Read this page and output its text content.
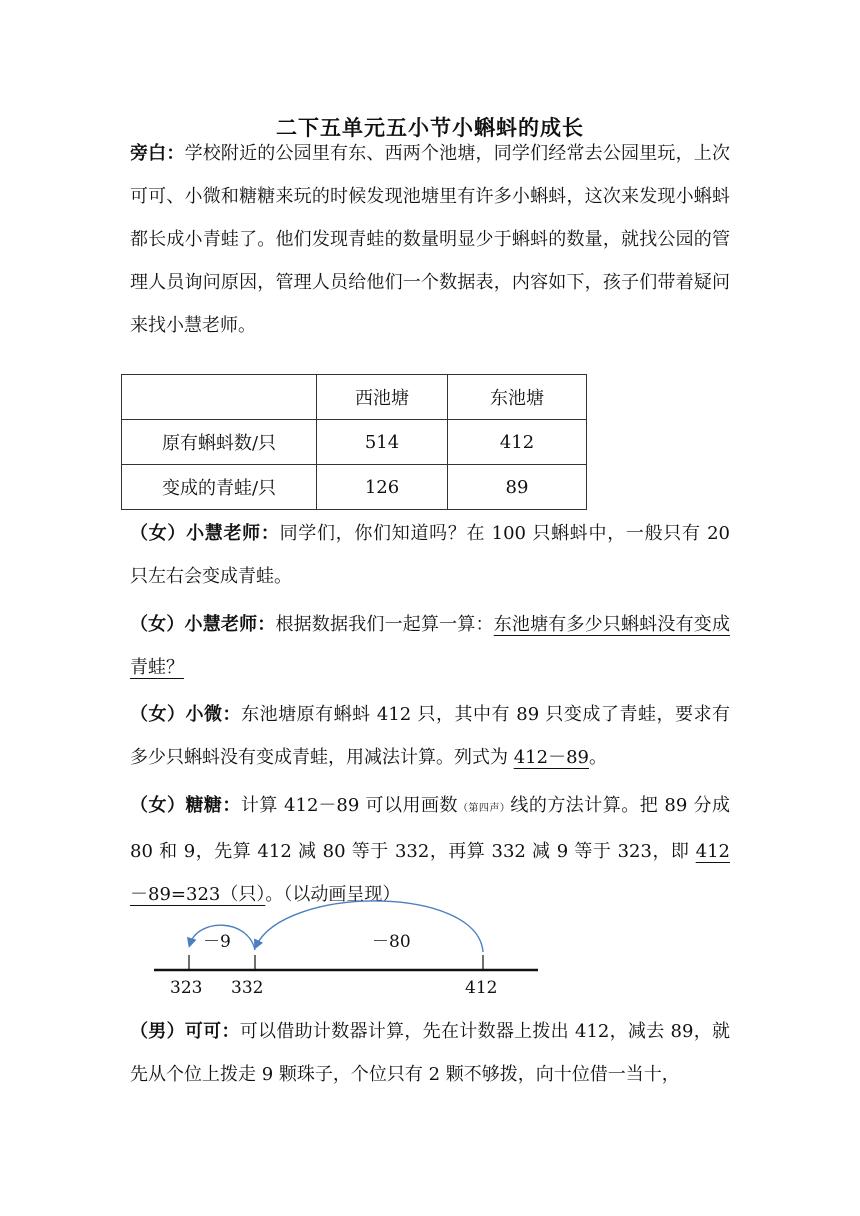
二下五单元五小节小蝌蚪的成长

旁白：学校附近的公园里有东、西两个池塘，同学们经常去公园里玩，上次可可、小微和糖糖来玩的时候发现池塘里有许多小蝌蚪，这次来发现小蝌蚪都长成小青蛙了。他们发现青蛙的数量明显少于蝌蚪的数量，就找公园的管理人员询问原因，管理人员给他们一个数据表，内容如下，孩子们带着疑问来找小慧老师。

	西池塘	东池塘
原有蝌蚪数/只	514	412
变成的青蛙/只	126	89

（女）小慧老师：同学们，你们知道吗？在 100 只蝌蚪中，一般只有 20 只左右会变成青蛙。

（女）小慧老师：根据数据我们一起算一算：东池塘有多少只蝌蚪没有变成青蛙？

（女）小微：东池塘原有蝌蚪 412 只，其中有 89 只变成了青蛙，要求有多少只蝌蚪没有变成青蛙，用减法计算。列式为 412－89。

（女）糖糖：计算 412－89 可以用画数（第四声）线的方法计算。把 89 分成 80 和 9，先算 412 减 80 等于 332，再算 332 减 9 等于 323，即 412－89=323（只）。（以动画呈现）

－9	－80
323 332	412

（男）可可：可以借助计数器计算，先在计数器上拨出 412，减去 89，就先从个位上拨走 9 颗珠子，个位只有 2 颗不够拨，向十位借一当十，
